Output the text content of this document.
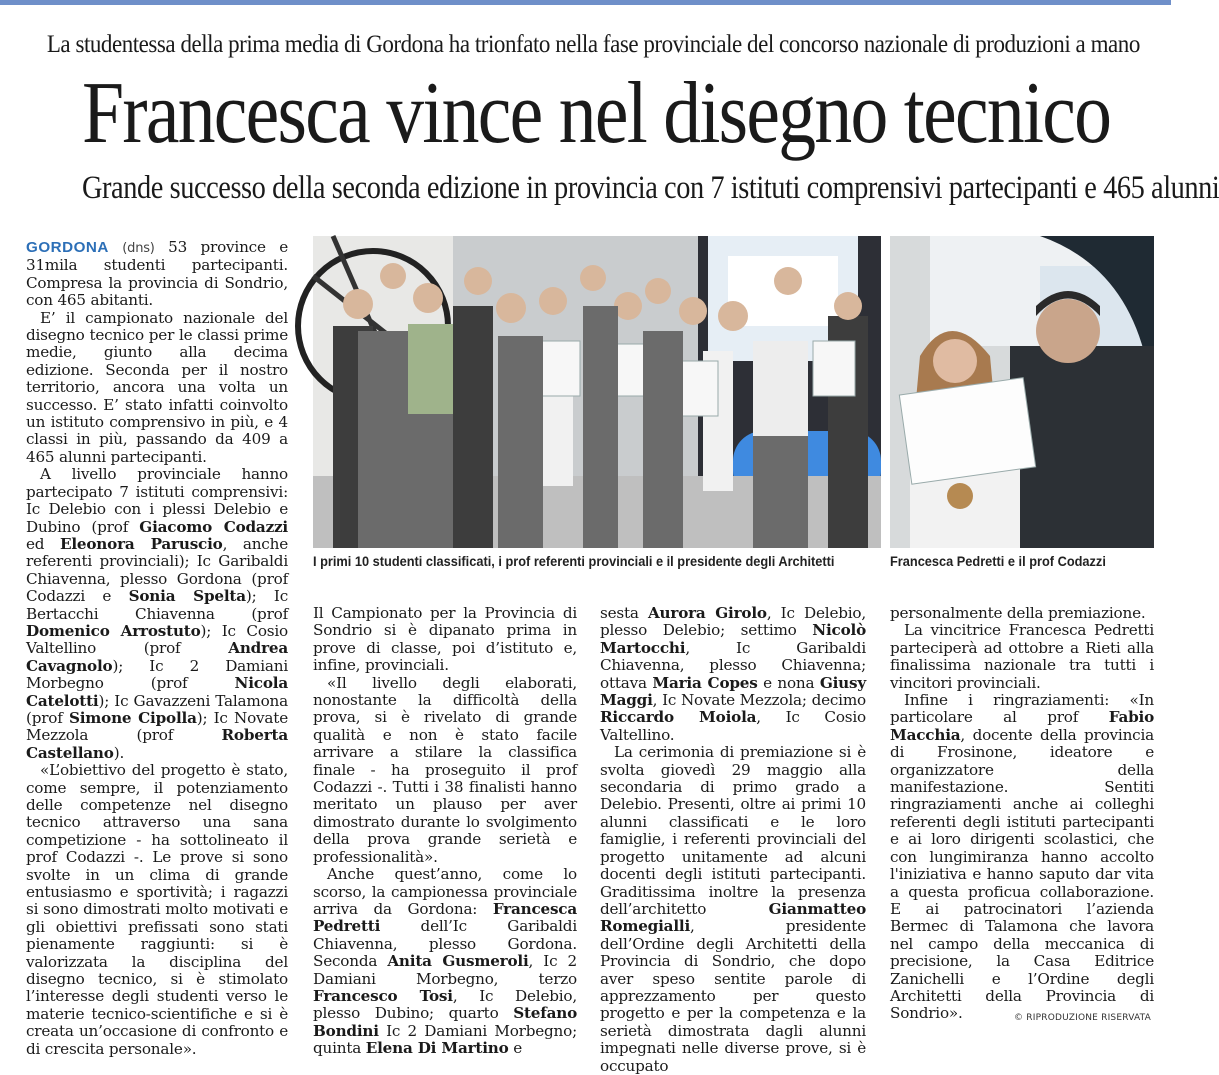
La studentessa della prima media di Gordona ha trionfato nella fase provinciale del concorso nazionale di produzioni a mano
Francesca vince nel disegno tecnico
Grande successo della seconda edizione in provincia con 7 istituti comprensivi partecipanti e 465 alunni

GORDONA (dns) 53 province e 31mila studenti partecipanti. Compresa la provincia di Sondrio, con 465 abitanti.

E’ il campionato nazionale del disegno tecnico per le classi prime medie, giunto alla decima edizione. Seconda per il nostro territorio, ancora una volta un successo. E’ stato infatti coinvolto un istituto comprensivo in più, e 4 classi in più, passando da 409 a 465 alunni partecipanti.

A livello provinciale hanno partecipato 7 istituti comprensivi: Ic Delebio con i plessi Delebio e Dubino (prof Giacomo Codazzi ed Eleonora Paruscio, anche referenti provinciali); Ic Garibaldi Chiavenna, plesso Gordona (prof Codazzi e Sonia Spelta); Ic Bertacchi Chiavenna (prof Domenico Arrostuto); Ic Cosio Valtellino (prof Andrea Cavagnolo); Ic 2 Damiani Morbegno (prof Nicola Catelotti); Ic Gavazzeni Talamona (prof Simone Cipolla); Ic Novate Mezzola (prof Roberta Castellano).

«L’obiettivo del progetto è stato, come sempre, il potenziamento delle competenze nel disegno tecnico attraverso una sana competizione - ha sottolineato il prof Codazzi -. Le prove si sono svolte in un clima di grande entusiasmo e sportività; i ragazzi si sono dimostrati molto motivati e gli obiettivi prefissati sono stati pienamente raggiunti: si è valorizzata la disciplina del disegno tecnico, si è stimolato l’interesse degli studenti verso le materie tecnico-scientifiche e si è creata un’occasione di confronto e di crescita personale».

I primi 10 studenti classificati, i prof referenti provinciali e il presidente degli Architetti	Francesca Pedretti e il prof Codazzi

Il Campionato per la Provincia di Sondrio si è dipanato prima in prove di classe, poi d’istituto e, infine, provinciali.

«Il livello degli elaborati, nonostante la difficoltà della prova, si è rivelato di grande qualità e non è stato facile arrivare a stilare la classifica finale - ha proseguito il prof Codazzi -. Tutti i 38 finalisti hanno meritato un plauso per aver dimostrato durante lo svolgimento della prova grande serietà e professionalità».

Anche quest’anno, come lo scorso, la campionessa provinciale arriva da Gordona: Francesca Pedretti dell’Ic Garibaldi Chiavenna, plesso Gordona. Seconda Anita Gusmeroli, Ic 2 Damiani Morbegno, terzo Francesco Tosi, Ic Delebio, plesso Dubino; quarto Stefano Bondini Ic 2 Damiani Morbegno; quinta Elena Di Martino e

sesta Aurora Girolo, Ic Delebio, plesso Delebio; settimo Nicolò Martocchi, Ic Garibaldi Chiavenna, plesso Chiavenna; ottava Maria Copes e nona Giusy Maggi, Ic Novate Mezzola; decimo Riccardo Moiola, Ic Cosio Valtellino.

La cerimonia di premiazione si è svolta giovedì 29 maggio alla secondaria di primo grado a Delebio. Presenti, oltre ai primi 10 alunni classificati e le loro famiglie, i referenti provinciali del progetto unitamente ad alcuni docenti degli istituti partecipanti. Graditissima inoltre la presenza dell’architetto Gianmatteo Romegialli, presidente dell’Ordine degli Architetti della Provincia di Sondrio, che dopo aver speso sentite parole di apprezzamento per questo progetto e per la competenza e la serietà dimostrata dagli alunni impegnati nelle diverse prove, si è occupato

personalmente della premiazione.

La vincitrice Francesca Pedretti parteciperà ad ottobre a Rieti alla finalissima nazionale tra tutti i vincitori provinciali.

Infine i ringraziamenti: «In particolare al prof Fabio Macchia, docente della provincia di Frosinone, ideatore e organizzatore della manifestazione. Sentiti ringraziamenti anche ai colleghi referenti degli istituti partecipanti e ai loro dirigenti scolastici, che con lungimiranza hanno accolto l'iniziativa e hanno saputo dar vita a questa proficua collaborazione. E ai patrocinatori l’azienda Bermec di Talamona che lavora nel campo della meccanica di precisione, la Casa Editrice Zanichelli e l’Ordine degli Architetti della Provincia di Sondrio».	© RIPRODUZIONE RISERVATA
